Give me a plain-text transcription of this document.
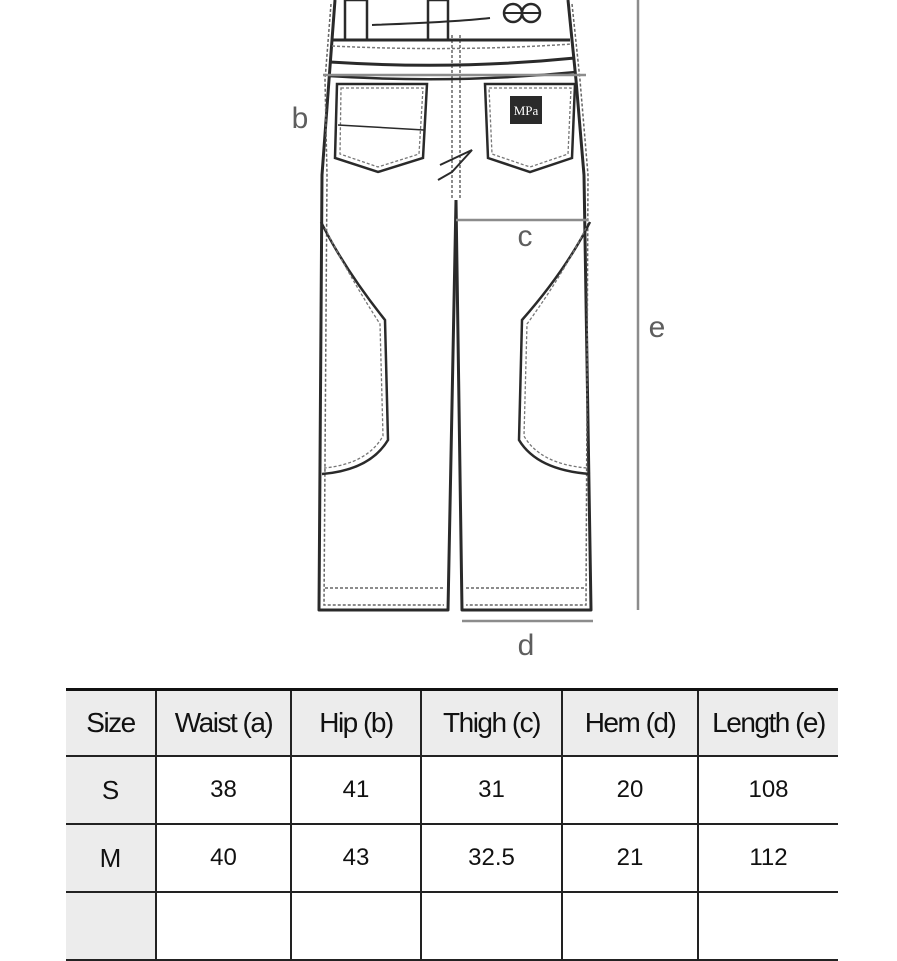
MPa
b
c
e
d
Size	Waist (a)	Hip (b)	Thigh (c)	Hem (d)	Length (e)
S	38	41	31	20	108
M	40	43	32.5	21	112
